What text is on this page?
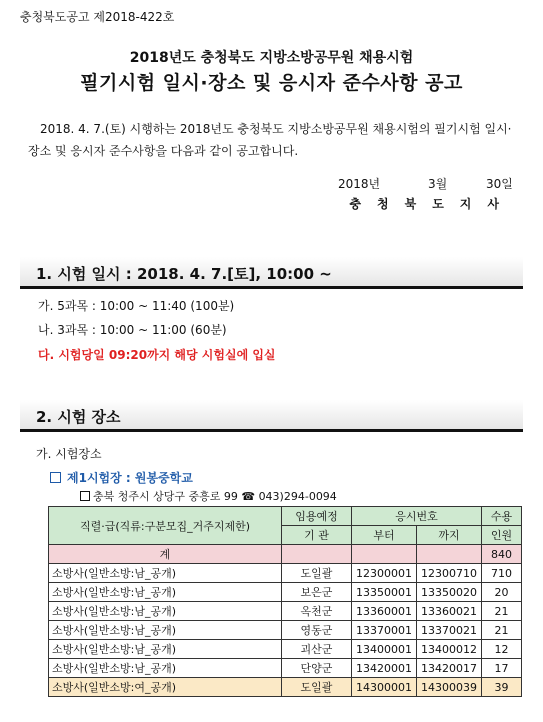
충청북도공고 제2018-422호
2018년도 충청북도 지방소방공무원 채용시험
필기시험 일시·장소 및 응시자 준수사항 공고
2018. 4. 7.(토) 시행하는 2018년도 충청북도 지방소방공무원 채용시험의 필기시험 일시·장소 및 응시자 준수사항을 다음과 같이 공고합니다.
2018년	3월	30일
충청북도지사
1. 시험 일시 : 2018. 4. 7.[토], 10:00 ~
가. 5과목 : 10:00 ~ 11:40 (100분)
나. 3과목 : 10:00 ~ 11:00 (60분)
다. 시험당일 09:20까지 해당 시험실에 입실
2. 시험 장소
가. 시험장소
제1시험장 : 원봉중학교
충북 청주시 상당구 중흥로 99 ☎ 043)294-0094
직렬·급(직류:구분모집_거주지제한)	임용예정	응시번호		수용
	기 관	부터	까지	인원
계				840
소방사(일반소방:남_공개)	도일괄	12300001	12300710	710
소방사(일반소방:남_공개)	보은군	13350001	13350020	20
소방사(일반소방:남_공개)	옥천군	13360001	13360021	21
소방사(일반소방:남_공개)	영동군	13370001	13370021	21
소방사(일반소방:남_공개)	괴산군	13400001	13400012	12
소방사(일반소방:남_공개)	단양군	13420001	13420017	17
소방사(일반소방:여_공개)	도일괄	14300001	14300039	39
